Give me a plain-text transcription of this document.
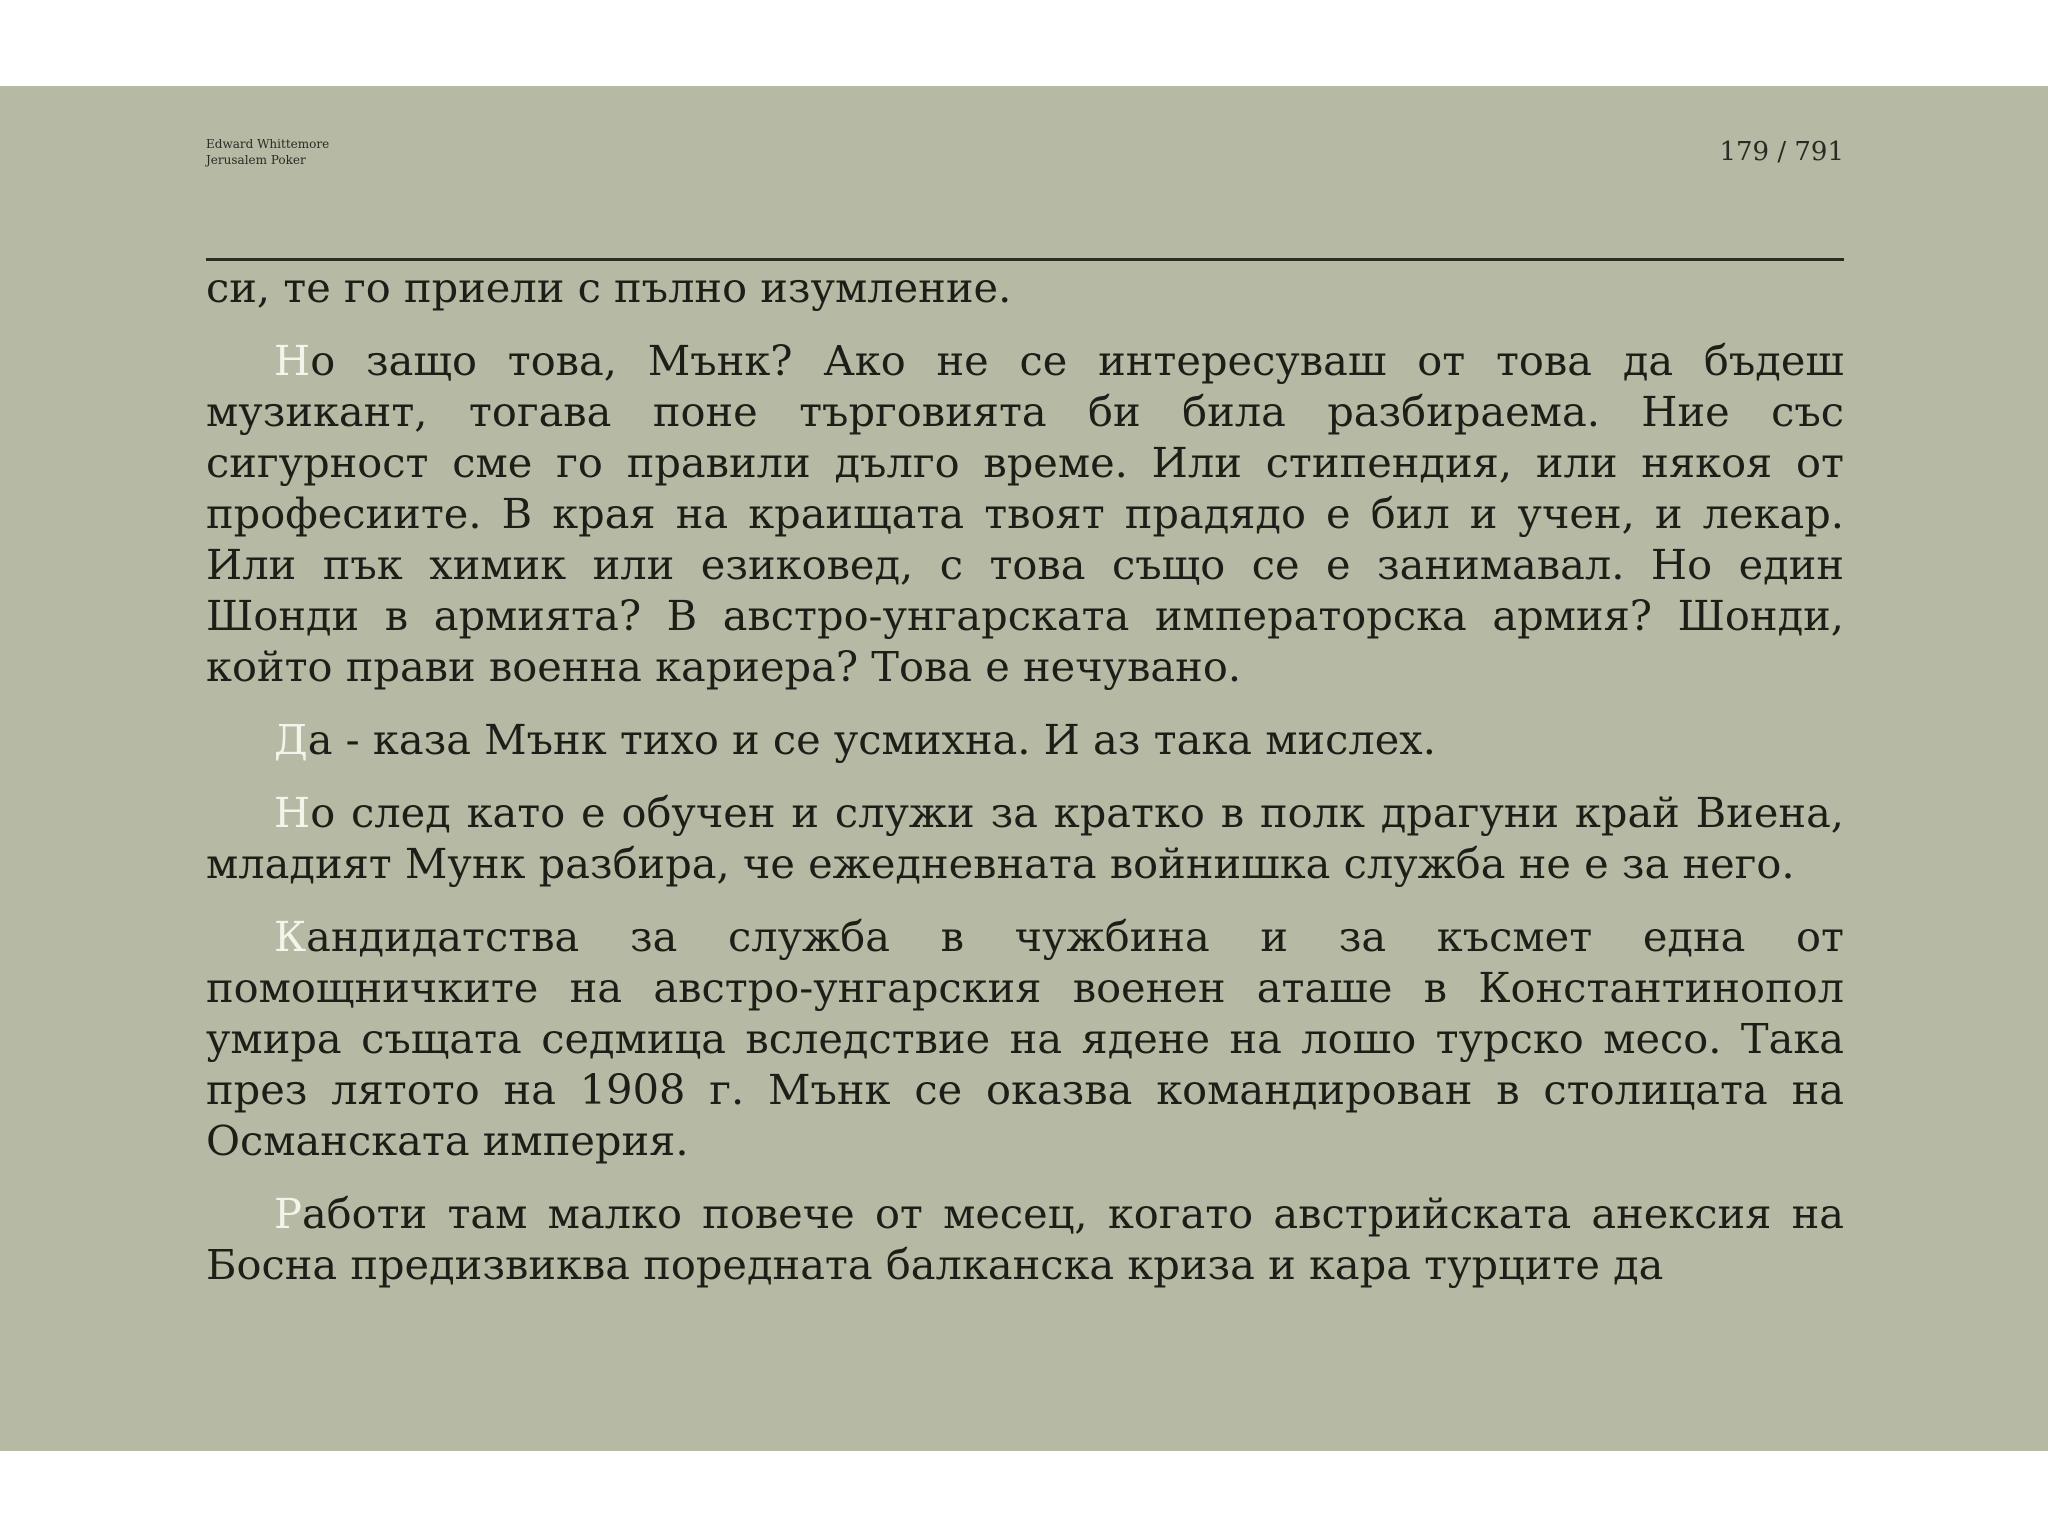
Edward Whittemore
Jerusalem Poker	179 / 791

си, те го приели с пълно изумление.

Но защо това, Мънк? Ако не се интересуваш от това да бъдеш музикант, тогава поне търговията би била разбираема. Ние със сигурност сме го правили дълго време. Или стипендия, или някоя от професиите. В края на краищата твоят прадядо е бил и учен, и лекар. Или пък химик или езиковед, с това също се е занимавал. Но един Шонди в армията? В австро-унгарската императорска армия? Шонди, който прави военна кариера? Това е нечувано.

Да - каза Мънк тихо и се усмихна. И аз така мислех.

Но след като е обучен и служи за кратко в полк драгуни край Виена, младият Мунк разбира, че ежедневната войнишка служба не е за него.

Кандидатства за служба в чужбина и за късмет една от помощничките на австро-унгарския военен аташе в Константинопол умира същата седмица вследствие на ядене на лошо турско месо. Така през лятото на 1908 г. Мънк се оказва командирован в столицата на Османската империя.

Работи там малко повече от месец, когато австрийската анексия на Босна предизвиква поредната балканска криза и кара турците да
